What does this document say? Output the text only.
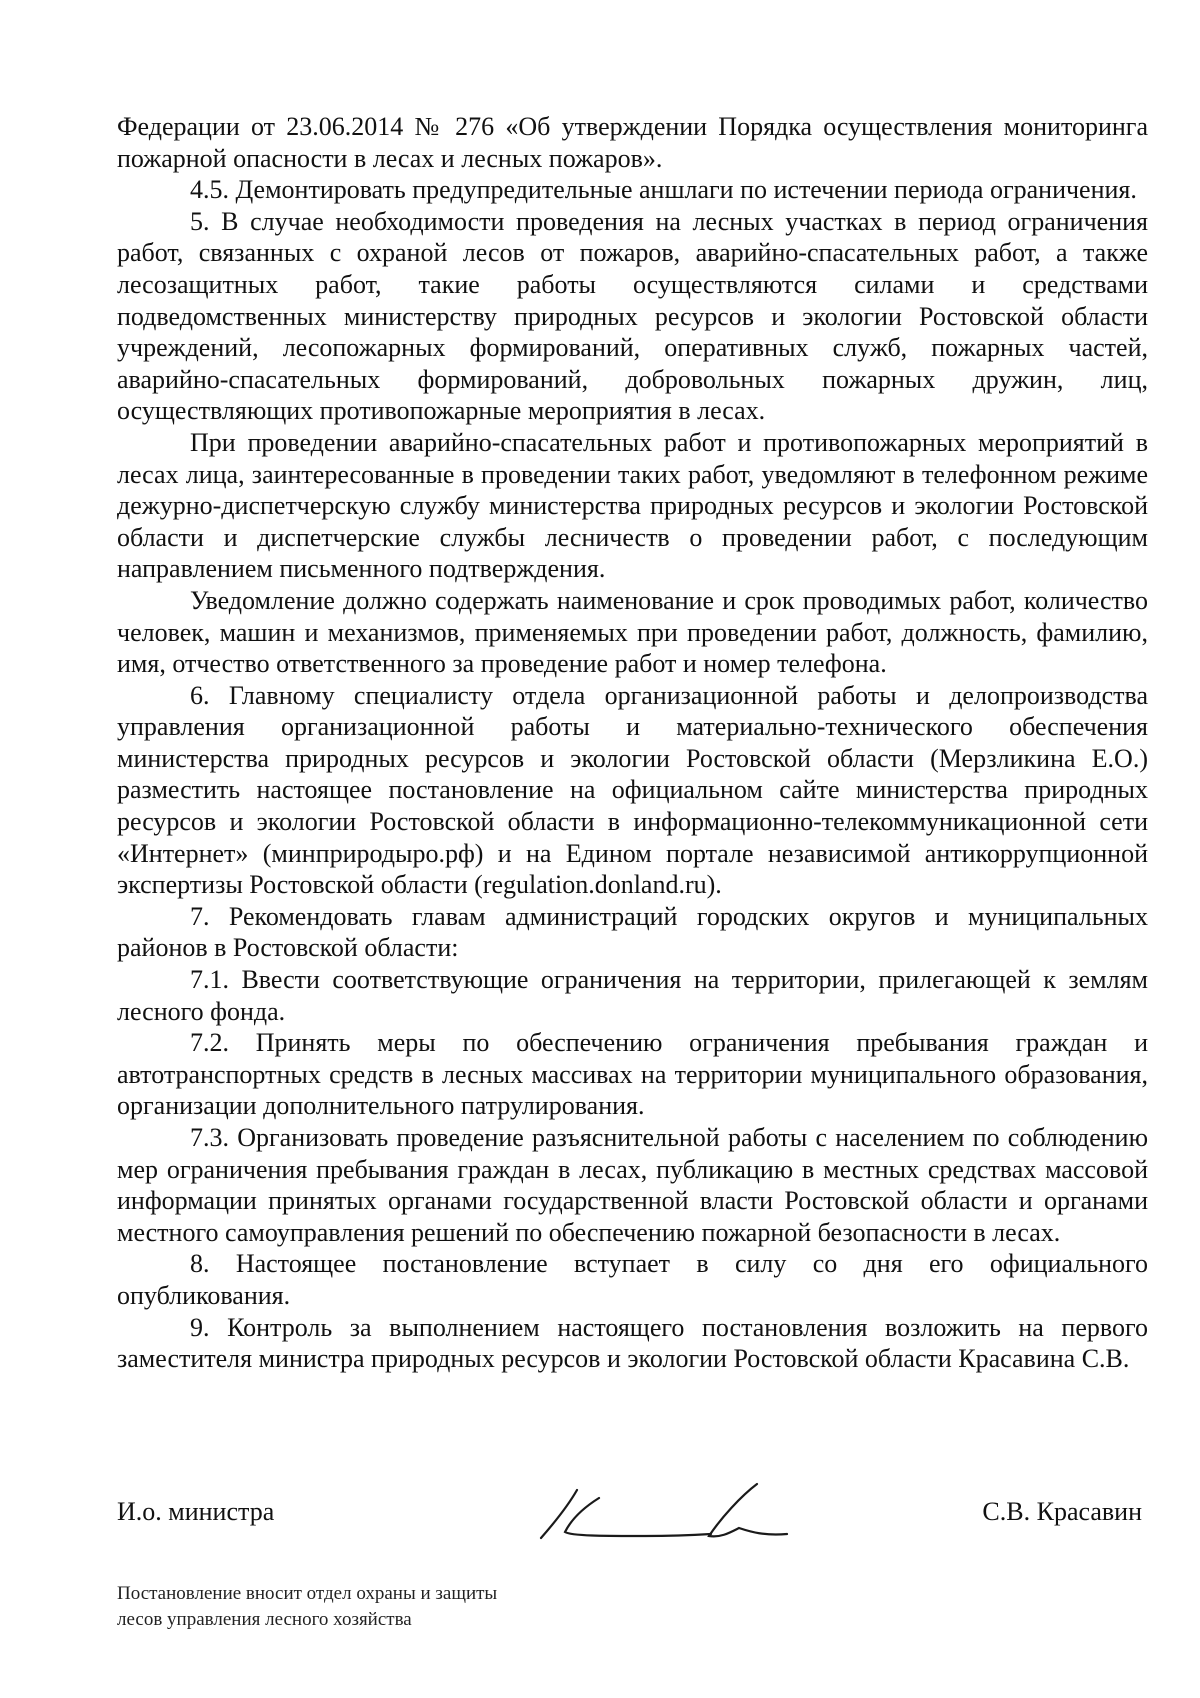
Федерации от 23.06.2014 № 276 «Об утверждении Порядка осуществления мониторинга пожарной опасности в лесах и лесных пожаров».

4.5. Демонтировать предупредительные аншлаги по истечении периода ограничения.

5. В случае необходимости проведения на лесных участках в период ограничения работ, связанных с охраной лесов от пожаров, аварийно-спасательных работ, а также лесозащитных работ, такие работы осуществляются силами и средствами подведомственных министерству природных ресурсов и экологии Ростовской области учреждений, лесопожарных формирований, оперативных служб, пожарных частей, аварийно-спасательных формирований, добровольных пожарных дружин, лиц, осуществляющих противопожарные мероприятия в лесах.

При проведении аварийно-спасательных работ и противопожарных мероприятий в лесах лица, заинтересованные в проведении таких работ, уведомляют в телефонном режиме дежурно-диспетчерскую службу министерства природных ресурсов и экологии Ростовской области и диспетчерские службы лесничеств о проведении работ, с последующим направлением письменного подтверждения.

Уведомление должно содержать наименование и срок проводимых работ, количество человек, машин и механизмов, применяемых при проведении работ, должность, фамилию, имя, отчество ответственного за проведение работ и номер телефона.

6. Главному специалисту отдела организационной работы и делопроизводства управления организационной работы и материально-технического обеспечения министерства природных ресурсов и экологии Ростовской области (Мерзликина Е.О.) разместить настоящее постановление на официальном сайте министерства природных ресурсов и экологии Ростовской области в информационно-телекоммуникационной сети «Интернет» (минприродыро.рф) и на Едином портале независимой антикоррупционной экспертизы Ростовской области (regulation.donland.ru).

7. Рекомендовать главам администраций городских округов и муниципальных районов в Ростовской области:

7.1. Ввести соответствующие ограничения на территории, прилегающей к землям лесного фонда.

7.2. Принять меры по обеспечению ограничения пребывания граждан и автотранспортных средств в лесных массивах на территории муниципального образования, организации дополнительного патрулирования.

7.3. Организовать проведение разъяснительной работы с населением по соблюдению мер ограничения пребывания граждан в лесах, публикацию в местных средствах массовой информации принятых органами государственной власти Ростовской области и органами местного самоуправления решений по обеспечению пожарной безопасности в лесах.

8. Настоящее постановление вступает в силу со дня его официального опубликования.

9. Контроль за выполнением настоящего постановления возложить на первого заместителя министра природных ресурсов и экологии Ростовской области Красавина С.В.

И.о. министра	С.В. Красавин
Постановление вносит отдел охраны и защиты
лесов управления лесного хозяйства
